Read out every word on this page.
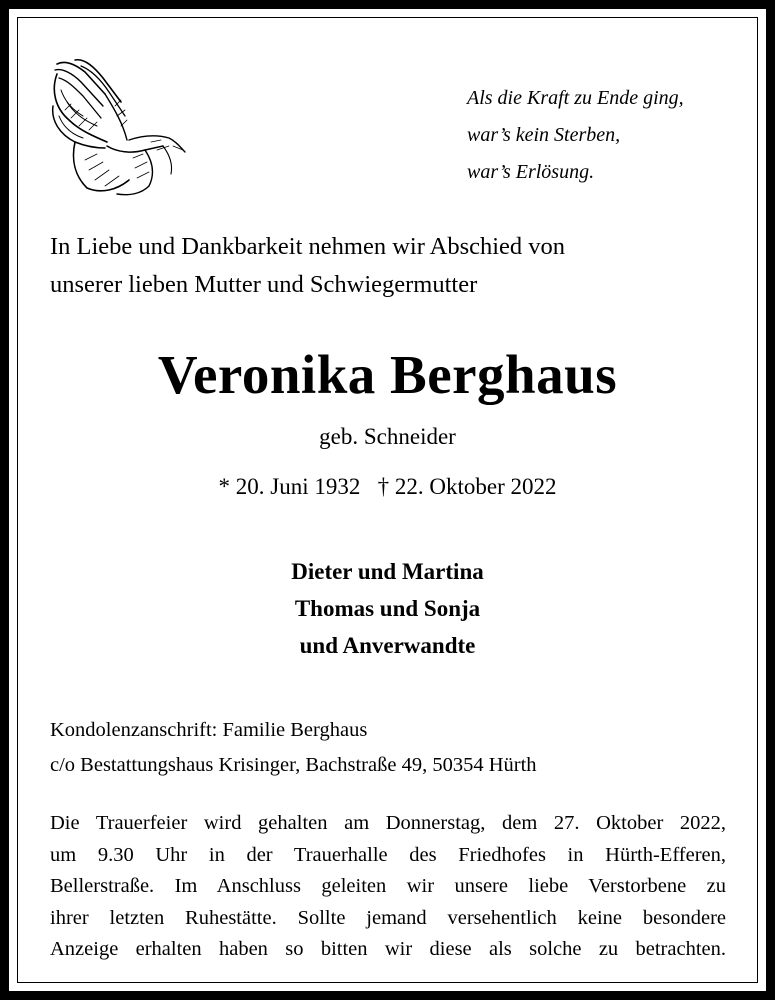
Als die Kraft zu Ende ging,
war’s kein Sterben,
war’s Erlösung.
In Liebe und Dankbarkeit nehmen wir Abschied von
unserer lieben Mutter und Schwiegermutter
Veronika Berghaus
geb. Schneider
* 20. Juni 1932 † 22. Oktober 2022
Dieter und Martina
Thomas und Sonja
und Anverwandte
Kondolenzanschrift: Familie Berghaus
c/o Bestattungshaus Krisinger, Bachstraße 49, 50354 Hürth
Die Trauerfeier wird gehalten am Donnerstag, dem 27. Oktober 2022,
um 9.30 Uhr in der Trauerhalle des Friedhofes in Hürth-Efferen,
Bellerstraße. Im Anschluss geleiten wir unsere liebe Verstorbene zu
ihrer letzten Ruhestätte. Sollte jemand versehentlich keine besondere
Anzeige erhalten haben so bitten wir diese als solche zu betrachten.
